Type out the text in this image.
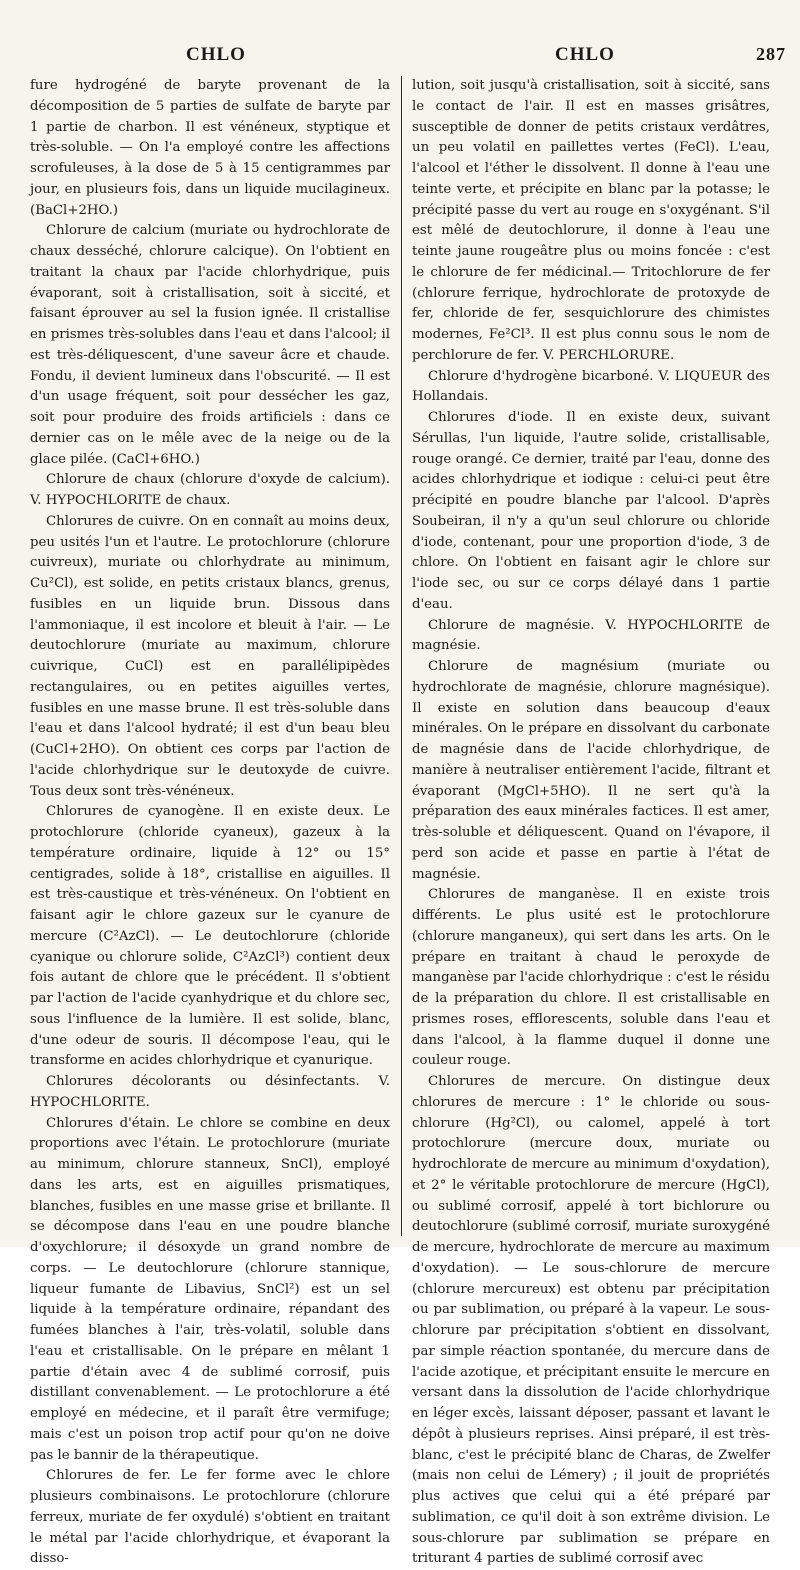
CHLO	CHLO	287

fure hydrogéné de baryte provenant de la décomposition de 5 parties de sulfate de baryte par 1 partie de charbon. Il est vénéneux, styptique et très-soluble. — On l'a employé contre les affections scrofuleuses, à la dose de 5 à 15 centigrammes par jour, en plusieurs fois, dans un liquide mucilagineux. (BaCl+2HO.)

Chlorure de calcium (muriate ou hydrochlorate de chaux desséché, chlorure calcique). On l'obtient en traitant la chaux par l'acide chlorhydrique, puis évaporant, soit à cristallisation, soit à siccité, et faisant éprouver au sel la fusion ignée. Il cristallise en prismes très-solubles dans l'eau et dans l'alcool; il est très-déliquescent, d'une saveur âcre et chaude. Fondu, il devient lumineux dans l'obscurité. — Il est d'un usage fréquent, soit pour dessécher les gaz, soit pour produire des froids artificiels : dans ce dernier cas on le mêle avec de la neige ou de la glace pilée. (CaCl+6HO.)

Chlorure de chaux (chlorure d'oxyde de calcium). V. HYPOCHLORITE de chaux.

Chlorures de cuivre. On en connaît au moins deux, peu usités l'un et l'autre. Le protochlorure (chlorure cuivreux), muriate ou chlorhydrate au minimum, Cu²Cl), est solide, en petits cristaux blancs, grenus, fusibles en un liquide brun. Dissous dans l'ammoniaque, il est incolore et bleuit à l'air. — Le deutochlorure (muriate au maximum, chlorure cuivrique, CuCl) est en parallélipipèdes rectangulaires, ou en petites aiguilles vertes, fusibles en une masse brune. Il est très-soluble dans l'eau et dans l'alcool hydraté; il est d'un beau bleu (CuCl+2HO). On obtient ces corps par l'action de l'acide chlorhydrique sur le deutoxyde de cuivre. Tous deux sont très-vénéneux.

Chlorures de cyanogène. Il en existe deux. Le protochlorure (chloride cyaneux), gazeux à la température ordinaire, liquide à 12° ou 15° centigrades, solide à 18°, cristallise en aiguilles. Il est très-caustique et très-vénéneux. On l'obtient en faisant agir le chlore gazeux sur le cyanure de mercure (C²AzCl). — Le deutochlorure (chloride cyanique ou chlorure solide, C²AzCl³) contient deux fois autant de chlore que le précédent. Il s'obtient par l'action de l'acide cyanhydrique et du chlore sec, sous l'influence de la lumière. Il est solide, blanc, d'une odeur de souris. Il décompose l'eau, qui le transforme en acides chlorhydrique et cyanurique.

Chlorures décolorants ou désinfectants. V. HYPOCHLORITE.

Chlorures d'étain. Le chlore se combine en deux proportions avec l'étain. Le protochlorure (muriate au minimum, chlorure stanneux, SnCl), employé dans les arts, est en aiguilles prismatiques, blanches, fusibles en une masse grise et brillante. Il se décompose dans l'eau en une poudre blanche d'oxychlorure; il désoxyde un grand nombre de corps. — Le deutochlorure (chlorure stannique, liqueur fumante de Libavius, SnCl²) est un sel liquide à la température ordinaire, répandant des fumées blanches à l'air, très-volatil, soluble dans l'eau et cristallisable. On le prépare en mêlant 1 partie d'étain avec 4 de sublimé corrosif, puis distillant convenablement. — Le protochlorure a été employé en médecine, et il paraît être vermifuge; mais c'est un poison trop actif pour qu'on ne doive pas le bannir de la thérapeutique.

Chlorures de fer. Le fer forme avec le chlore plusieurs combinaisons. Le protochlorure (chlorure ferreux, muriate de fer oxydulé) s'obtient en traitant le métal par l'acide chlorhydrique, et évaporant la disso-

lution, soit jusqu'à cristallisation, soit à siccité, sans le contact de l'air. Il est en masses grisâtres, susceptible de donner de petits cristaux verdâtres, un peu volatil en paillettes vertes (FeCl). L'eau, l'alcool et l'éther le dissolvent. Il donne à l'eau une teinte verte, et précipite en blanc par la potasse; le précipité passe du vert au rouge en s'oxygénant. S'il est mêlé de deutochlorure, il donne à l'eau une teinte jaune rougeâtre plus ou moins foncée : c'est le chlorure de fer médicinal.— Tritochlorure de fer (chlorure ferrique, hydrochlorate de protoxyde de fer, chloride de fer, sesquichlorure des chimistes modernes, Fe²Cl³. Il est plus connu sous le nom de perchlorure de fer. V. PERCHLORURE.

Chlorure d'hydrogène bicarboné. V. LIQUEUR des Hollandais.

Chlorures d'iode. Il en existe deux, suivant Sérullas, l'un liquide, l'autre solide, cristallisable, rouge orangé. Ce dernier, traité par l'eau, donne des acides chlorhydrique et iodique : celui-ci peut être précipité en poudre blanche par l'alcool. D'après Soubeiran, il n'y a qu'un seul chlorure ou chloride d'iode, contenant, pour une proportion d'iode, 3 de chlore. On l'obtient en faisant agir le chlore sur l'iode sec, ou sur ce corps délayé dans 1 partie d'eau.

Chlorure de magnésie. V. HYPOCHLORITE de magnésie.

Chlorure de magnésium (muriate ou hydrochlorate de magnésie, chlorure magnésique). Il existe en solution dans beaucoup d'eaux minérales. On le prépare en dissolvant du carbonate de magnésie dans de l'acide chlorhydrique, de manière à neutraliser entièrement l'acide, filtrant et évaporant (MgCl+5HO). Il ne sert qu'à la préparation des eaux minérales factices. Il est amer, très-soluble et déliquescent. Quand on l'évapore, il perd son acide et passe en partie à l'état de magnésie.

Chlorures de manganèse. Il en existe trois différents. Le plus usité est le protochlorure (chlorure manganeux), qui sert dans les arts. On le prépare en traitant à chaud le peroxyde de manganèse par l'acide chlorhydrique : c'est le résidu de la préparation du chlore. Il est cristallisable en prismes roses, efflorescents, soluble dans l'eau et dans l'alcool, à la flamme duquel il donne une couleur rouge.

Chlorures de mercure. On distingue deux chlorures de mercure : 1° le chloride ou sous-chlorure (Hg²Cl), ou calomel, appelé à tort protochlorure (mercure doux, muriate ou hydrochlorate de mercure au minimum d'oxydation), et 2° le véritable protochlorure de mercure (HgCl), ou sublimé corrosif, appelé à tort bichlorure ou deutochlorure (sublimé corrosif, muriate suroxygéné de mercure, hydrochlorate de mercure au maximum d'oxydation). — Le sous-chlorure de mercure (chlorure mercureux) est obtenu par précipitation ou par sublimation, ou préparé à la vapeur. Le sous-chlorure par précipitation s'obtient en dissolvant, par simple réaction spontanée, du mercure dans de l'acide azotique, et précipitant ensuite le mercure en versant dans la dissolution de l'acide chlorhydrique en léger excès, laissant déposer, passant et lavant le dépôt à plusieurs reprises. Ainsi préparé, il est très-blanc, c'est le précipité blanc de Charas, de Zwelfer (mais non celui de Lémery) ; il jouit de propriétés plus actives que celui qui a été préparé par sublimation, ce qu'il doit à son extrême division. Le sous-chlorure par sublimation se prépare en triturant 4 parties de sublimé corrosif avec
